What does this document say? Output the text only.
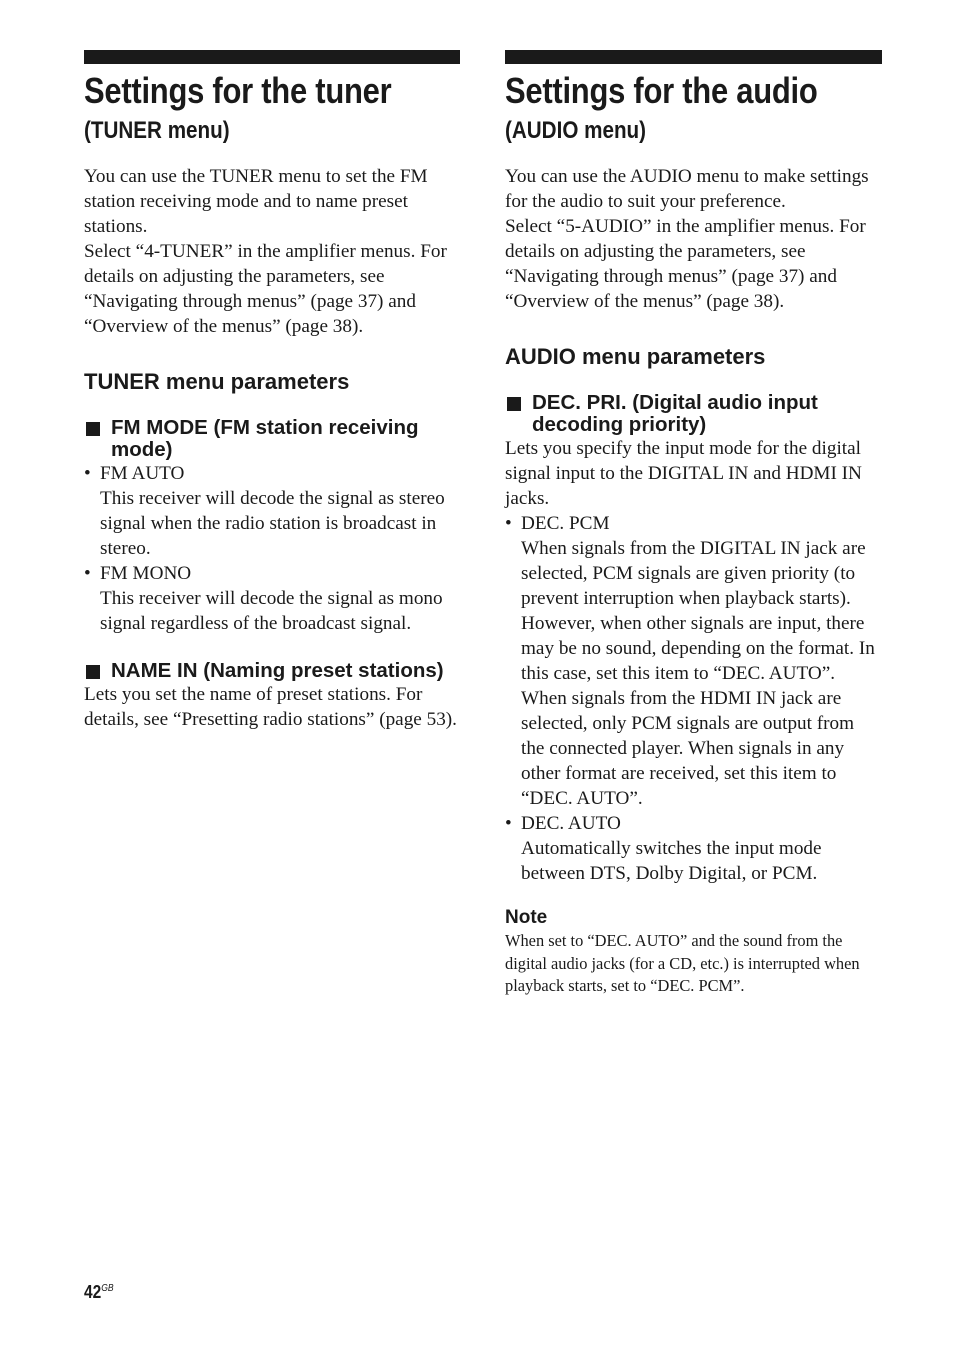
Settings for the tuner
(TUNER menu)

You can use the TUNER menu to set the FM station receiving mode and to name preset stations.

Select “4-TUNER” in the amplifier menus. For details on adjusting the parameters, see “Navigating through menus” (page 37) and “Overview of the menus” (page 38).

TUNER menu parameters
FM MODE (FM station receiving mode)
• FM AUTO

This receiver will decode the signal as stereo signal when the radio station is broadcast in stereo.

• FM MONO

This receiver will decode the signal as mono signal regardless of the broadcast signal.

NAME IN (Naming preset stations)

Lets you set the name of preset stations. For details, see “Presetting radio stations” (page 53).

Settings for the audio
(AUDIO menu)

You can use the AUDIO menu to make settings for the audio to suit your preference.

Select “5-AUDIO” in the amplifier menus. For details on adjusting the parameters, see “Navigating through menus” (page 37) and “Overview of the menus” (page 38).

AUDIO menu parameters
DEC. PRI. (Digital audio input decoding priority)

Lets you specify the input mode for the digital signal input to the DIGITAL IN and HDMI IN jacks.

• DEC. PCM

When signals from the DIGITAL IN jack are selected, PCM signals are given priority (to prevent interruption when playback starts). However, when other signals are input, there may be no sound, depending on the format. In this case, set this item to “DEC. AUTO”. When signals from the HDMI IN jack are selected, only PCM signals are output from the connected player. When signals in any other format are received, set this item to “DEC. AUTO”.

• DEC. AUTO

Automatically switches the input mode between DTS, Dolby Digital, or PCM.

Note

When set to “DEC. AUTO” and the sound from the digital audio jacks (for a CD, etc.) is interrupted when playback starts, set to “DEC. PCM”.

$42^{GB}$
